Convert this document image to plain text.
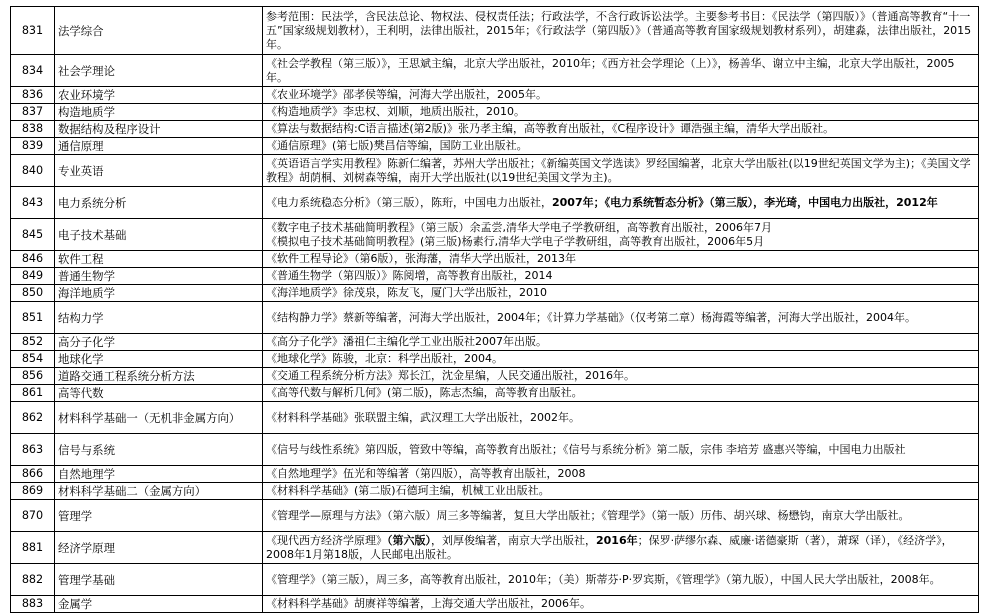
831	法学综合	参考范围：民法学，含民法总论、物权法、侵权责任法；行政法学，不含行政诉讼法学。主要参考书目：《民法学（第四版）》（普通高等教育“十一五”国家级规划教材），王利明，法律出版社，2015年；《行政法学（第四版）》（普通高等教育国家级规划教材系列），胡建淼，法律出版社，2015年。
834	社会学理论	《社会学教程（第三版）》，王思斌主编，北京大学出版社，2010年；《西方社会学理论（上）》，杨善华、谢立中主编，北京大学出版社，2005年。
836	农业环境学	《农业环境学》邵孝侯等编，河海大学出版社，2005年。
837	构造地质学	《构造地质学》李忠权、刘顺，地质出版社，2010。
838	数据结构及程序设计	《算法与数据结构:C语言描述(第2版)》张乃孝主编，高等教育出版社，《C程序设计》谭浩强主编，清华大学出版社。
839	通信原理	《通信原理》(第七版)樊昌信等编，国防工业出版社。
840	专业英语	《英语语言学实用教程》陈新仁编著，苏州大学出版社；《新编英国文学选读》罗经国编著，北京大学出版社(以19世纪英国文学为主)；《美国文学教程》胡荫桐、刘树森等编，南开大学出版社(以19世纪美国文学为主)。
843	电力系统分析	《电力系统稳态分析》（第三版），陈珩，中国电力出版社，2007年；《电力系统暂态分析》（第三版），李光琦，中国电力出版社，2012年
845	电子技术基础	《数字电子技术基础简明教程》（第三版）余孟尝,清华大学电子学教研组，高等教育出版社，2006年7月
《模拟电子技术基础简明教程》(第三版)杨素行,清华大学电子学教研组，高等教育出版社，2006年5月

846	软件工程	《软件工程导论》（第6版），张海藩，清华大学出版社，2013年
849	普通生物学	《普通生物学（第四版）》陈阅增，高等教育出版社，2014
850	海洋地质学	《海洋地质学》徐茂泉，陈友飞，厦门大学出版社，2010
851	结构力学	《结构静力学》蔡新等编著，河海大学出版社，2004年；《计算力学基础》（仅考第二章）杨海霞等编著，河海大学出版社，2004年。
852	高分子化学	《高分子化学》潘祖仁主编化学工业出版社2007年出版。
854	地球化学	《地球化学》陈骏，北京：科学出版社，2004。
856	道路交通工程系统分析方法	《交通工程系统分析方法》郑长江，沈金星编，人民交通出版社，2016年。
861	高等代数	《高等代数与解析几何》(第二版)，陈志杰编，高等教育出版社。
862	材料科学基础一（无机非金属方向）	《材料科学基础》张联盟主编，武汉理工大学出版社，2002年。
863	信号与系统	《信号与线性系统》第四版，管致中等编，高等教育出版社；《信号与系统分析》第二版，宗伟 李培芳 盛惠兴等编，中国电力出版社
866	自然地理学	《自然地理学》伍光和等编著（第四版），高等教育出版社，2008
869	材料科学基础二（金属方向）	《材料科学基础》(第二版)石德珂主编，机械工业出版社。
870	管理学	《管理学—原理与方法》（第六版）周三多等编著，复旦大学出版社；《管理学》（第一版）历伟、胡兴球、杨懋钧，南京大学出版社。
881	经济学原理	《现代西方经济学原理》（第六版），刘厚俊编著，南京大学出版社，2016年；保罗·萨缪尔森、威廉·诺德豪斯（著），萧琛（译），《经济学》，2008年1月第18版，人民邮电出版社。
882	管理学基础	《管理学》（第三版），周三多，高等教育出版社，2010年；（美）斯蒂芬·P·罗宾斯，《管理学》（第九版），中国人民大学出版社，2008年。
883	金属学	《材料科学基础》胡赓祥等编著，上海交通大学出版社，2006年。
